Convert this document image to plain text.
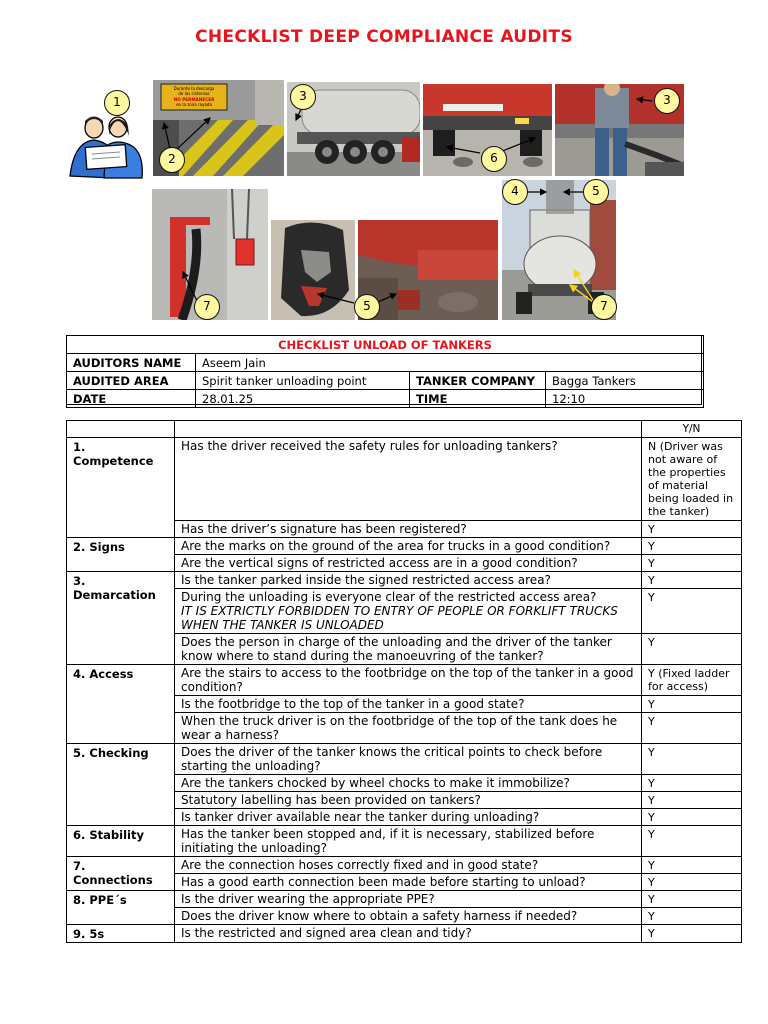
CHECKLIST DEEP COMPLIANCE AUDITS
Durante la descarga
de las cisternas
NO PERMANECER
en la zona rayada
1
2
3
6
3
4	5
7	5	7
CHECKLIST UNLOAD OF TANKERS			
AUDITORS NAME	Aseem Jain		
AUDITED AREA	Spirit tanker unloading point	TANKER COMPANY	Bagga Tankers
DATE	28.01.25	TIME	12:10
		Y/N
1. Competence	Has the driver received the safety rules for unloading tankers?	N (Driver was not aware of the properties of material being loaded in the tanker)
	Has the driver’s signature has been registered?	Y
2. Signs	Are the marks on the ground of the area for trucks in a good condition?	Y
	Are the vertical signs of restricted access are in a good condition?	Y
3. Demarcation	Is the tanker parked inside the signed restricted access area?	Y
	During the unloading is everyone clear of the restricted access area?
IT IS EXTRICTLY FORBIDDEN TO ENTRY OF PEOPLE OR FORKLIFT TRUCKS WHEN THE TANKER IS UNLOADED	Y
	Does the person in charge of the unloading and the driver of the tanker know where to stand during the manoeuvring of the tanker?	Y
4. Access	Are the stairs to access to the footbridge on the top of the tanker in a good condition?	Y (Fixed ladder for access)
	Is the footbridge to the top of the tanker in a good state?	Y
	When the truck driver is on the footbridge of the top of the tank does he wear a harness?	Y
5. Checking	Does the driver of the tanker knows the critical points to check before starting the unloading?	Y
	Are the tankers chocked by wheel chocks to make it immobilize?	Y
	Statutory labelling has been provided on tankers?	Y
	Is tanker driver available near the tanker during unloading?	Y
6. Stability	Has the tanker been stopped and, if it is necessary, stabilized before initiating the unloading?	Y
7. Connections	Are the connection hoses correctly fixed and in good state?	Y
	Has a good earth connection been made before starting to unload?	Y
8. PPE´s	Is the driver wearing the appropriate PPE?	Y
	Does the driver know where to obtain a safety harness if needed?	Y
9. 5s	Is the restricted and signed area clean and tidy?	Y
